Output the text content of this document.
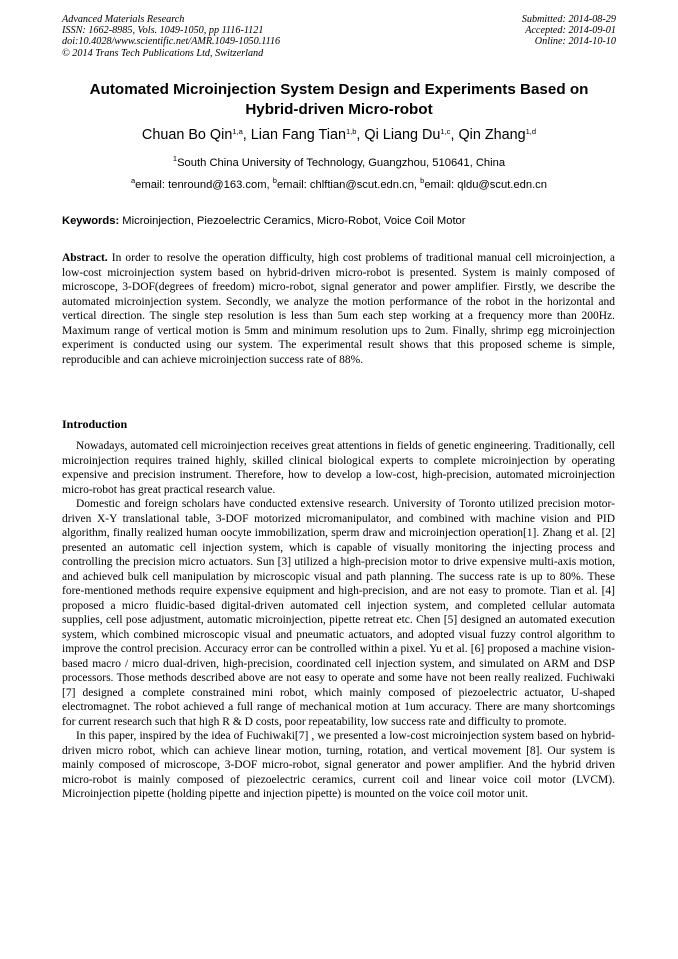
Advanced Materials Research
ISSN: 1662-8985, Vols. 1049-1050, pp 1116-1121
doi:10.4028/www.scientific.net/AMR.1049-1050.1116
© 2014 Trans Tech Publications Ltd, Switzerland
Submitted: 2014-08-29
Accepted: 2014-09-01
Online: 2014-10-10
Automated Microinjection System Design and Experiments Based on
Hybrid-driven Micro-robot
Chuan Bo Qin$^{1,a}$, Lian Fang Tian$^{1,b}$, Qi Liang Du$^{1,c}$, Qin Zhang$^{1,d}$
$^1$South China University of Technology, Guangzhou, 510641, China
$^a$email: tenround@163.com, $^b$email: chlftian@scut.edn.cn, $^b$email: qldu@scut.edn.cn
Keywords: Microinjection, Piezoelectric Ceramics, Micro-Robot, Voice Coil Motor

Abstract. In order to resolve the operation difficulty, high cost problems of traditional manual cell microinjection, a low-cost microinjection system based on hybrid-driven micro-robot is presented. System is mainly composed of microscope, 3-DOF(degrees of freedom) micro-robot, signal generator and power amplifier. Firstly, we describe the automated microinjection system. Secondly, we analyze the motion performance of the robot in the horizontal and vertical direction. The single step resolution is less than 5um each step working at a frequency more than 200Hz. Maximum range of vertical motion is 5mm and minimum resolution ups to 2um. Finally, shrimp egg microinjection experiment is conducted using our system. The experimental result shows that this proposed scheme is simple, reproducible and can achieve microinjection success rate of 88%.

Introduction

Nowadays, automated cell microinjection receives great attentions in fields of genetic engineering. Traditionally, cell microinjection requires trained highly, skilled clinical biological experts to complete microinjection by operating expensive and precision instrument. Therefore, how to develop a low-cost, high-precision, automated microinjection micro-robot has great practical research value.

Domestic and foreign scholars have conducted extensive research. University of Toronto utilized precision motor-driven X-Y translational table, 3-DOF motorized micromanipulator, and combined with machine vision and PID algorithm, finally realized human oocyte immobilization, sperm draw and microinjection operation[1]. Zhang et al. [2] presented an automatic cell injection system, which is capable of visually monitoring the injecting process and controlling the precision micro actuators. Sun [3] utilized a high-precision motor to drive expensive multi-axis motion, and achieved bulk cell manipulation by microscopic visual and path planning. The success rate is up to 80%. These fore-mentioned methods require expensive equipment and high-precision, and are not easy to promote. Tian et al. [4] proposed a micro fluidic-based digital-driven automated cell injection system, and completed cellular automata supplies, cell pose adjustment, automatic microinjection, pipette retreat etc. Chen [5] designed an automated execution system, which combined microscopic visual and pneumatic actuators, and adopted visual fuzzy control algorithm to improve the control precision. Accuracy error can be controlled within a pixel. Yu et al. [6] proposed a machine vision-based macro / micro dual-driven, high-precision, coordinated cell injection system, and simulated on ARM and DSP processors. Those methods described above are not easy to operate and some have not been really realized. Fuchiwaki [7] designed a complete constrained mini robot, which mainly composed of piezoelectric actuator, U-shaped electromagnet. The robot achieved a full range of mechanical motion at 1um accuracy. There are many shortcomings for current research such that high R & D costs, poor repeatability, low success rate and difficulty to promote.

In this paper, inspired by the idea of Fuchiwaki[7] , we presented a low-cost microinjection system based on hybrid-driven micro robot, which can achieve linear motion, turning, rotation, and vertical movement [8]. Our system is mainly composed of microscope, 3-DOF micro-robot, signal generator and power amplifier. And the hybrid driven micro-robot is mainly composed of piezoelectric ceramics, current coil and linear voice coil motor (LVCM). Microinjection pipette (holding pipette and injection pipette) is mounted on the voice coil motor unit.
